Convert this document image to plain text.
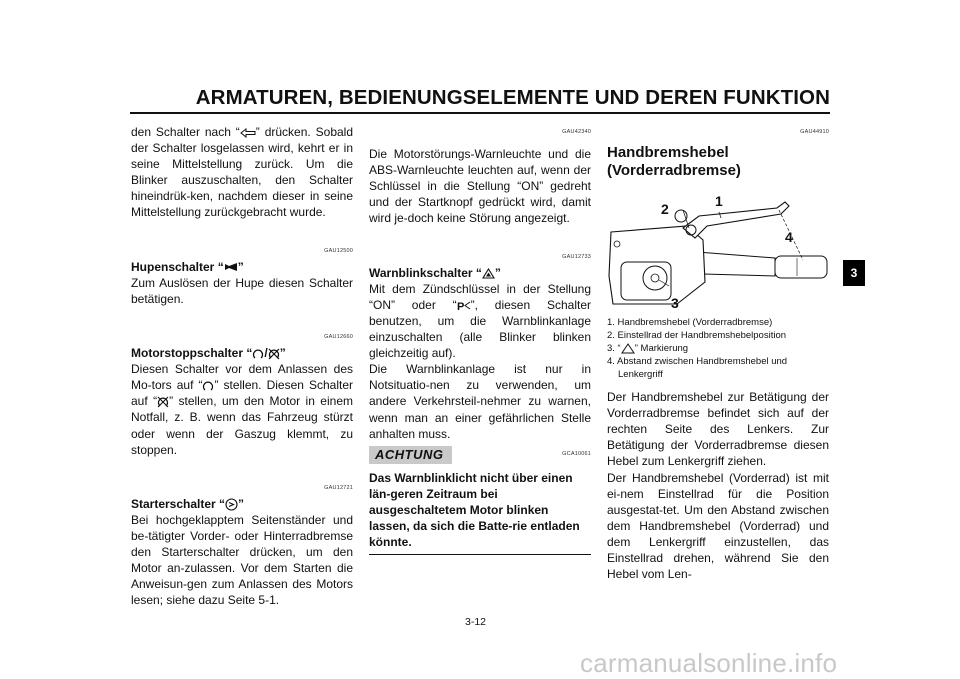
ARMATUREN, BEDIENUNGSELEMENTE UND DEREN FUNKTION

den Schalter nach “ ” drücken. Sobald der Schalter losgelassen wird, kehrt er in seine Mittelstellung zurück. Um die Blinker auszuschalten, den Schalter hineindrük-ken, nachdem dieser in seine Mittelstellung zurückgebracht wurde.

GAU12500

Hupenschalter “ ”

Zum Auslösen der Hupe diesen Schalter betätigen.

GAU12660

Motorstoppschalter “ / ”

Diesen Schalter vor dem Anlassen des Mo-tors auf “ ” stellen. Diesen Schalter auf “ ” stellen, um den Motor in einem Notfall, z. B. wenn das Fahrzeug stürzt oder wenn der Gaszug klemmt, zu stoppen.

GAU12721

Starterschalter “ ”

Bei hochgeklapptem Seitenständer und be-tätigter Vorder- oder Hinterradbremse den Starterschalter drücken, um den Motor an-zulassen. Vor dem Starten die Anweisun-gen zum Anlassen des Motors lesen; siehe dazu Seite 5-1.

GAU42340

Die Motorstörungs-Warnleuchte und die ABS-Warnleuchte leuchten auf, wenn der Schlüssel in die Stellung “ON” gedreht und der Startknopf gedrückt wird, damit wird je-doch keine Störung angezeigt.

GAU12733

Warnblinkschalter “ ”

Mit dem Zündschlüssel in der Stellung “ON” oder “ P ”, diesen Schalter benutzen, um die Warnblinkanlage einzuschalten (alle Blinker blinken gleichzeitig auf).

Die Warnblinkanlage ist nur in Notsituatio-nen zu verwenden, um andere Verkehrsteil-nehmer zu warnen, wenn man an einer gefährlichen Stelle anhalten muss.

ACHTUNG	GCA10061
Das Warnblinklicht nicht über einen län-geren Zeitraum bei ausgeschaltetem Motor blinken lassen, da sich die Batte-rie entladen könnte.
GAU44910

Handbremshebel

(Vorderradbremse)

1
2
3
4
1. Handbremshebel (Vorderradbremse)
2. Einstellrad der Handbremshebelposition
3. “ ” Markierung
4. Abstand zwischen Handbremshebel und Lenkergriff

Der Handbremshebel zur Betätigung der Vorderradbremse befindet sich auf der rechten Seite des Lenkers. Zur Betätigung der Vorderradbremse diesen Hebel zum Lenkergriff ziehen.

Der Handbremshebel (Vorderrad) ist mit ei-nem Einstellrad für die Position ausgestat-tet. Um den Abstand zwischen dem Handbremshebel (Vorderrad) und dem Lenkergriff einzustellen, das Einstellrad drehen, während Sie den Hebel vom Len-

3
3-12
carmanualsonline.info
